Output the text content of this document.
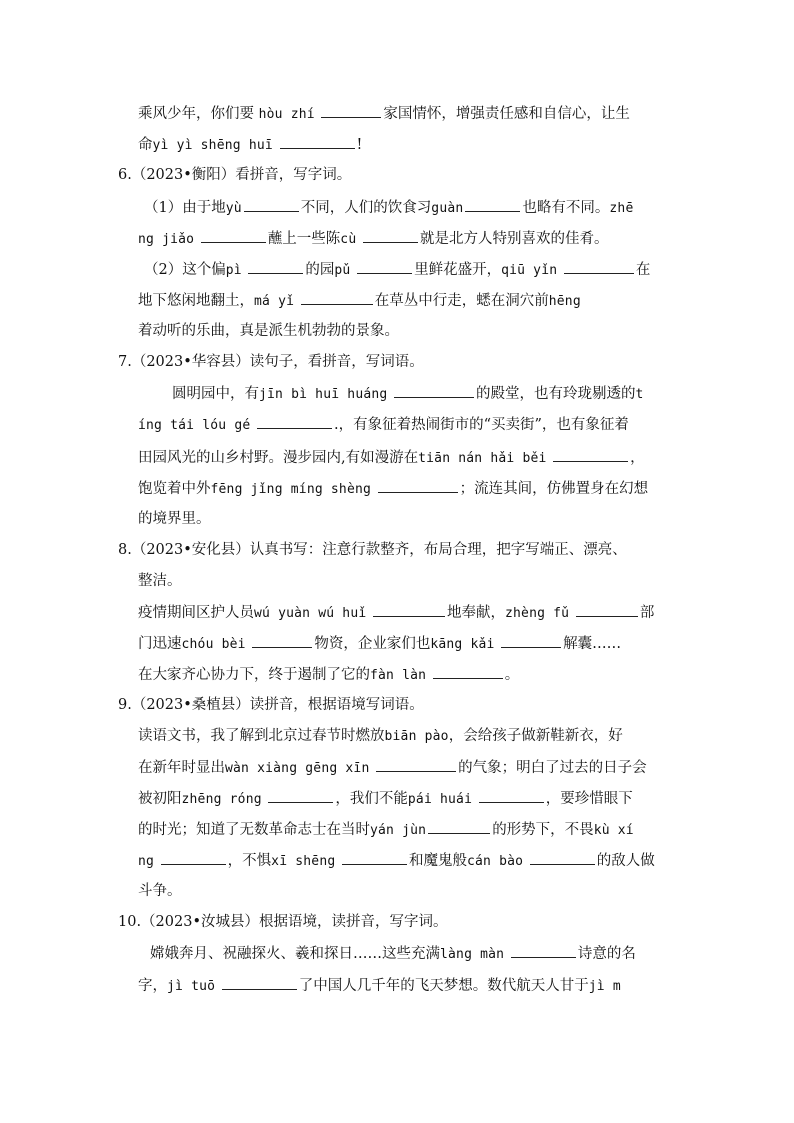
乘风少年，你们要 hòu zhí	家国情怀，增强责任感和自信心，让生
命yì yì shēng huī	!
6.（2023•衡阳）看拼音，写字词。
（1）由于地yù	不同，人们的饮食习guàn	也略有不同。zhē
ng jiǎo	蘸上一些陈cù	就是北方人特别喜欢的佳肴。
（2）这个偏pì	的园pǔ	里鲜花盛开，qiū yǐn	在
地下悠闲地翻土，má yǐ	在草丛中行走，蟋在洞穴前hēng
着动听的乐曲，真是派生机勃勃的景象。
7.（2023•华容县）读句子，看拼音，写词语。
圆明园中，有jīn bì huī huáng	的殿堂，也有玲珑剔透的t
íng tái lóu gé	.，有象征着热闹街市的“买卖街”，也有象征着
田园风光的山乡村野。漫步园内,有如漫游在tiān nán hǎi běi	，
饱览着中外fēng jǐng míng shèng	；流连其间，仿佛置身在幻想
的境界里。
8.（2023•安化县）认真书写：注意行款整齐，布局合理，把字写端正、漂亮、
整洁。
疫情期间区护人员wú yuàn wú huǐ	地奉献，zhèng fǔ	部
门迅速chóu bèi	物资，企业家们也kāng kǎi	解囊……
在大家齐心协力下，终于遏制了它的fàn làn	。
9.（2023•桑植县）读拼音，根据语境写词语。
读语文书，我了解到北京过春节时燃放biān pào，会给孩子做新鞋新衣，好
在新年时显出wàn xiàng gēng xīn	的气象；明白了过去的日子会
被初阳zhēng róng	，我们不能pái huái	，要珍惜眼下
的时光；知道了无数革命志士在当时yán jùn	的形势下，不畏kù xí
ng	，不惧xī shēng	和魔鬼般cán bào	的敌人做
斗争。
10.（2023•汝城县）根据语境，读拼音，写字词。
嫦娥奔月、祝融探火、羲和探日……这些充满làng màn	诗意的名
字，jì tuō	了中国人几千年的飞天梦想。数代航天人甘于jì m
